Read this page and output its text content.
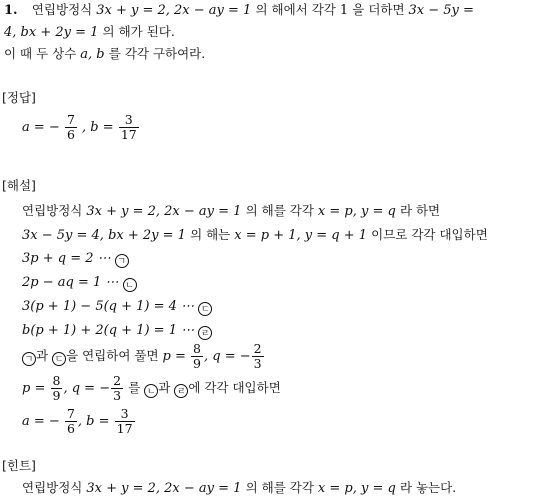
1. 연립방정식 3x + y = 2, 2x − ay = 1 의 해에서 각각 1 을 더하면 3x − 5y =
4, bx + 2y = 1 의 해가 된다.
이 때 두 상수 a, b 를 각각 구하여라.
[정답]
a = − $\frac{7}{6}$ , $b = \frac{3}{17}$
[해설]
연립방정식 3x + y = 2, 2x − ay = 1 의 해를 각각 x = p, y = q 라 하면
3x − 5y = 4, bx + 2y = 1 의 해는 x = p + 1, y = q + 1 이므로 각각 대입하면
3p + q = 2 ⋯ ㄱ
2p − aq = 1 ⋯ ㄴ
3(p + 1) − 5(q + 1) = 4 ⋯ ㄷ
b(p + 1) + 2(q + 1) = 1 ⋯ ㄹ
ㄱ 과 ㄷ 을 연립하여 풀면 $p = \frac{8}{9}$ , q = − $\frac{2}{3}$
$p = \frac{8}{9}$ , q = − $\frac{2}{3}$ 를 ㄴ 과 ㄹ 에 각각 대입하면
a = − $\frac{7}{6}$ , $b = \frac{3}{17}$
[힌트]
연립방정식 3x + y = 2, 2x − ay = 1 의 해를 각각 x = p, y = q 라 놓는다.
